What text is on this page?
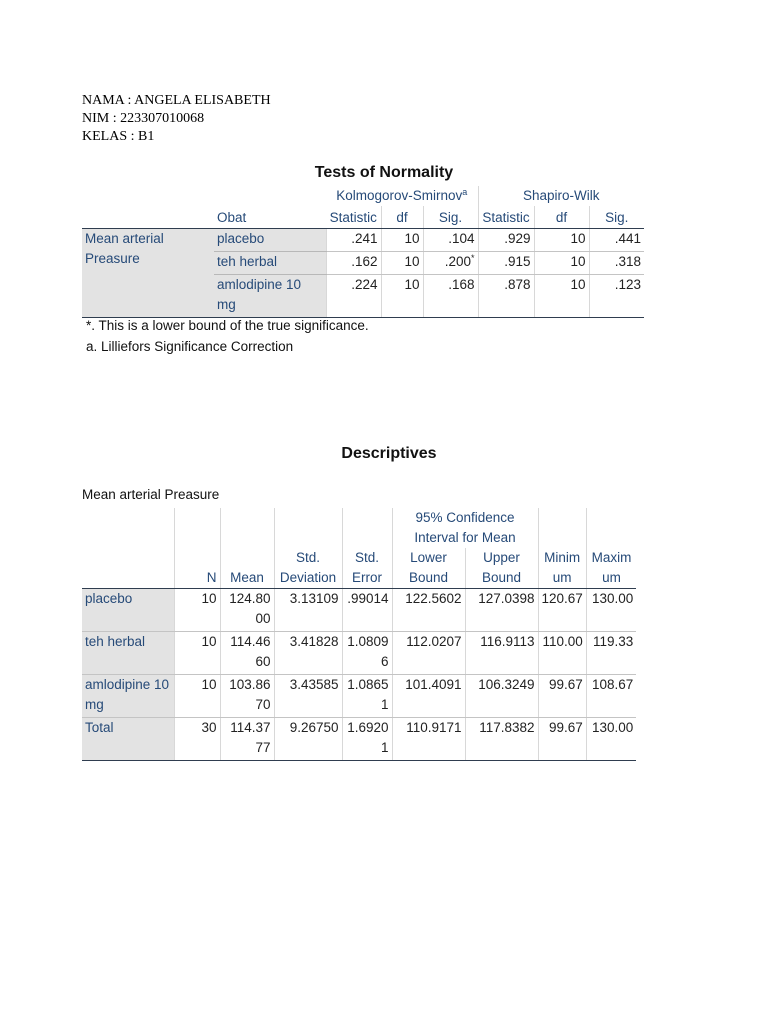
NAMA : ANGELA ELISABETH
NIM : 223307010068
KELAS : B1
Tests of Normality
		Kolmogorov-Smirnov$^a$			Shapiro-Wilk		
	Obat	Statistic	df	Sig.	Statistic	df	Sig.
Mean arterial Preasure	placebo	.241	10	.104	.929	10	.441
	teh herbal	.162	10	.200*	.915	10	.318
	amlodipine 10 mg	.224	10	.168	.878	10	.123
*. This is a lower bound of the true significance.
a. Lilliefors Significance Correction
Descriptives
Mean arterial Preasure
					95% Confidence Interval for Mean			

	N	Mean	Std. Deviation	Std. Error	Lower Bound	Upper Bound	Minimum	Maximum
placebo	10	124.8000	3.13109	.99014	122.5602	127.0398	120.67	130.00
teh herbal	10	114.4660	3.41828	1.08096	112.0207	116.9113	110.00	119.33
amlodipine 10 mg	10	103.8670	3.43585	1.08651	101.4091	106.3249	99.67	108.67
Total	30	114.3777	9.26750	1.69201	110.9171	117.8382	99.67	130.00
